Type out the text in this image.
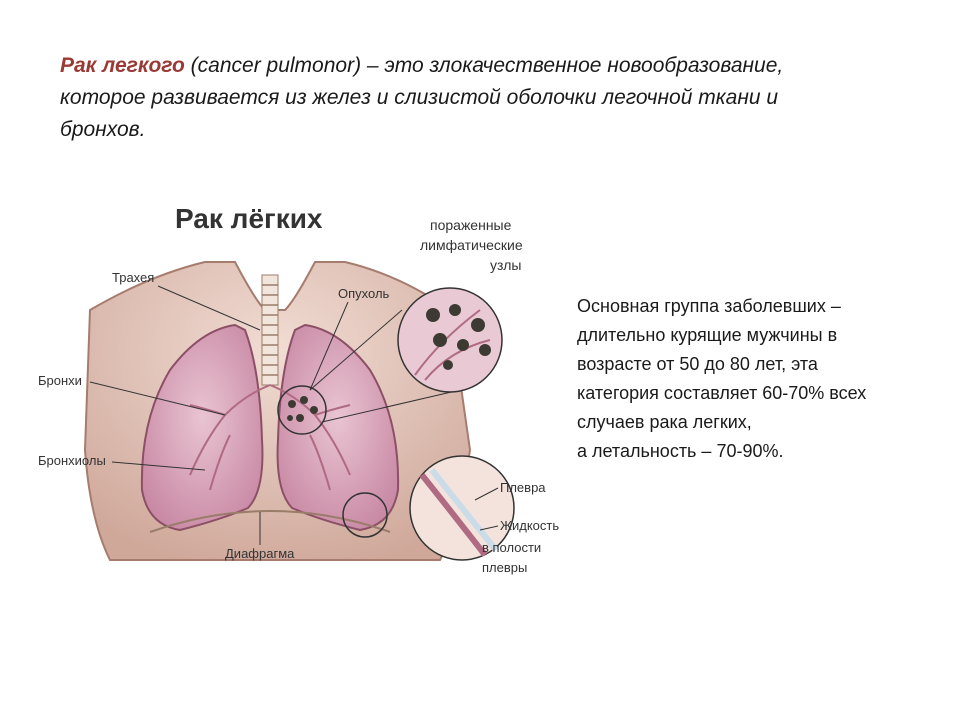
Рак легкого (cancer pulmonor) – это злокачественное новообразование,
которое развивается из желез и слизистой оболочки легочной ткани и
бронхов.
Рак лёгких
Трахея
Бронхи
Бронхиолы
Опухоль
Диафрагма
пораженные
лимфатические
узлы
Плевра
Жидкость
в полости
плевры
Основная группа заболевших –
длительно курящие мужчины в
возрасте от 50 до 80 лет, эта
категория составляет 60-70% всех
случаев рака легких,
а летальность – 70-90%.
